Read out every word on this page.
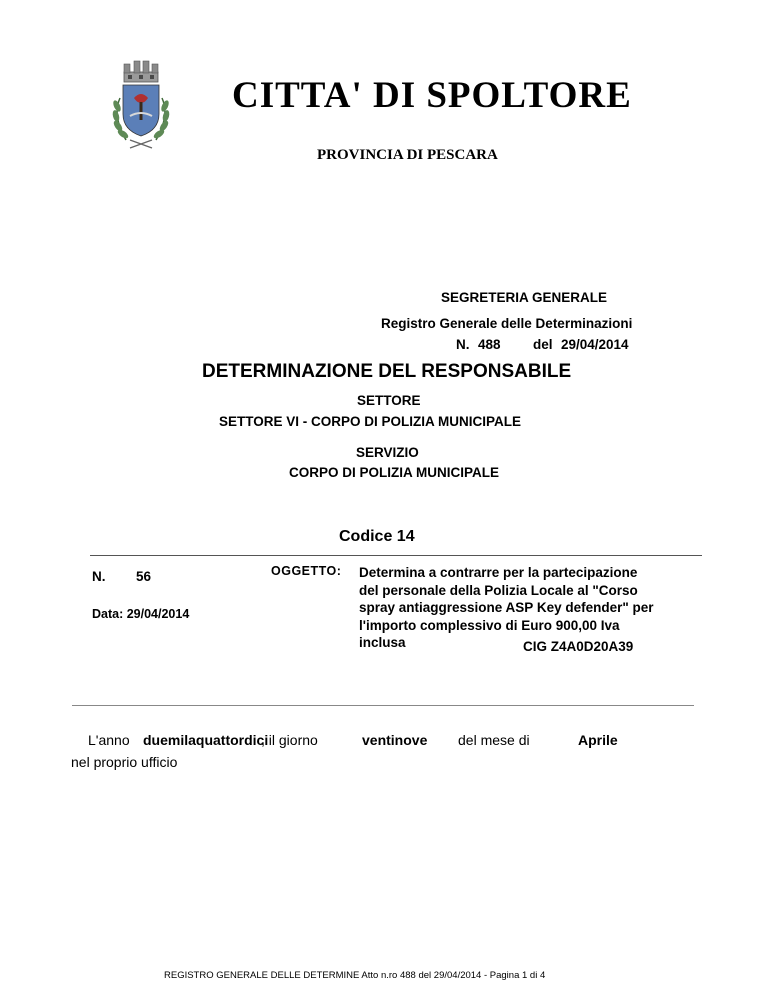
CITTA' DI SPOLTORE
PROVINCIA DI PESCARA
SEGRETERIA GENERALE
Registro Generale delle Determinazioni
N. 488 del 29/04/2014
DETERMINAZIONE DEL RESPONSABILE
SETTORE
SETTORE VI - CORPO DI POLIZIA MUNICIPALE
SERVIZIO
CORPO DI POLIZIA MUNICIPALE
Codice 14
N. 56
Data: 29/04/2014
OGGETTO: Determina a contrarre per la partecipazione
del personale della Polizia Locale al "Corso
spray antiaggressione ASP Key defender" per
l'importo complessivo di Euro 900,00 Iva
inclusa	CIG Z4A0D20A39
L'anno duemilaquattordici
, il giorno	ventinove del mese di	Aprile
nel proprio ufficio
REGISTRO GENERALE DELLE DETERMINE Atto n.ro 488 del 29/04/2014 - Pagina 1 di 4
